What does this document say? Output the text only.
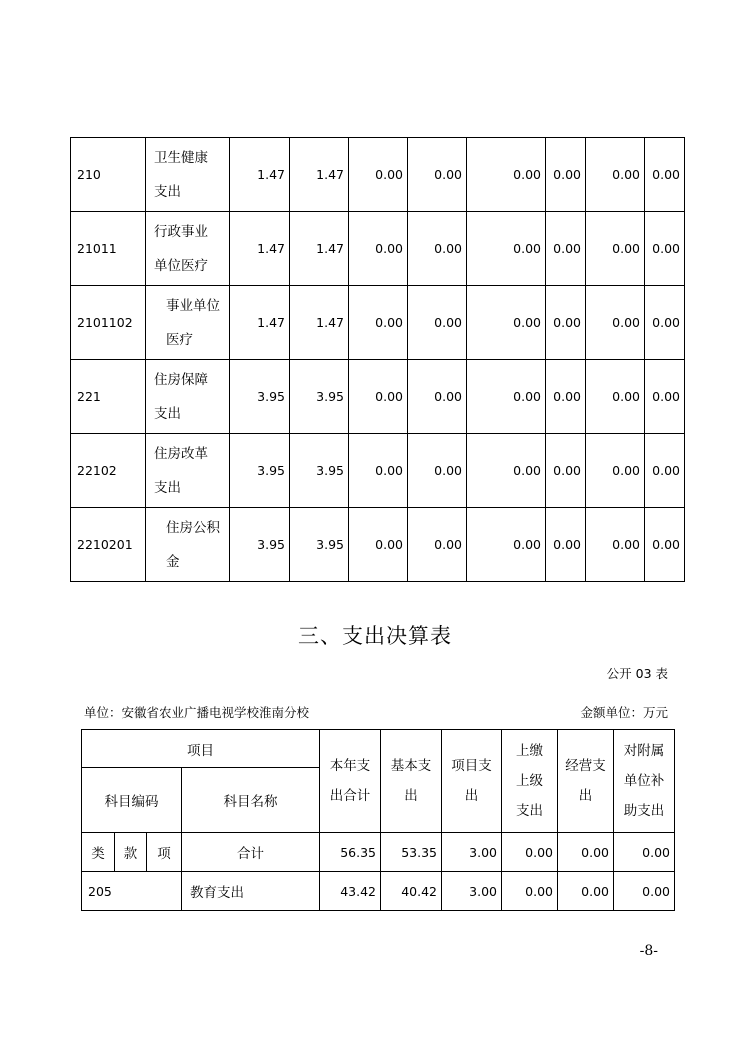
210	卫生健康支出	1.47	1.47	0.00	0.00	0.00	0.00	0.00	0.00
21011	行政事业单位医疗	1.47	1.47	0.00	0.00	0.00	0.00	0.00	0.00
2101102	事业单位医疗	1.47	1.47	0.00	0.00	0.00	0.00	0.00	0.00
221	住房保障支出	3.95	3.95	0.00	0.00	0.00	0.00	0.00	0.00
22102	住房改革支出	3.95	3.95	0.00	0.00	0.00	0.00	0.00	0.00
2210201	住房公积金	3.95	3.95	0.00	0.00	0.00	0.00	0.00	0.00
三、支出决算表
公开 03 表
单位：安徽省农业广播电视学校淮南分校	金额单位：万元
项目				本年支出合计	基本支出	项目支出	上缴上级支出	经营支出	对附属单位补助支出

科目编码			科目名称						
类	款	项	合计	56.35	53.35	3.00	0.00	0.00	0.00
205			教育支出	43.42	40.42	3.00	0.00	0.00	0.00
-8-
